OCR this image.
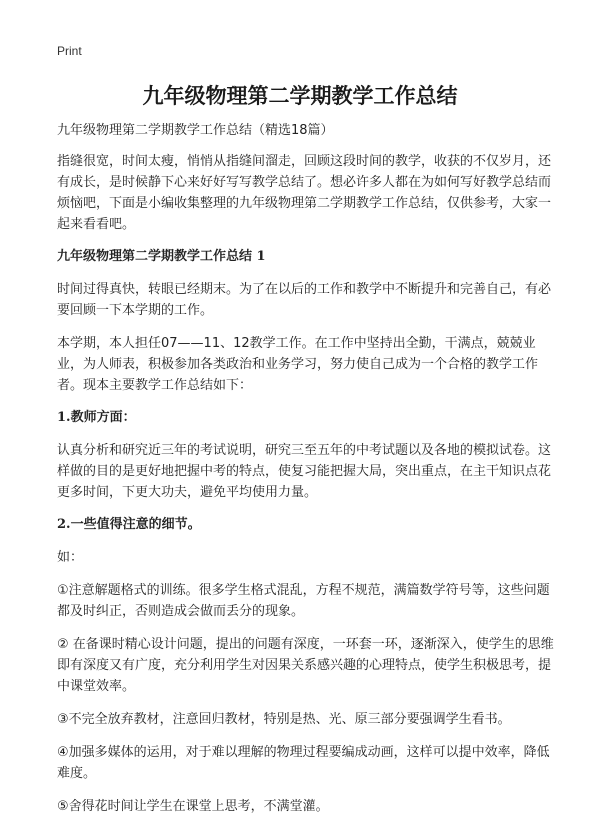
Print
九年级物理第二学期教学工作总结

九年级物理第二学期教学工作总结（精选18篇）

指缝很宽，时间太瘦，悄悄从指缝间溜走，回顾这段时间的教学，收获的不仅岁月，还有成长，是时候静下心来好好写写教学总结了。想必许多人都在为如何写好教学总结而烦恼吧，下面是小编收集整理的九年级物理第二学期教学工作总结，仅供参考，大家一起来看看吧。

九年级物理第二学期教学工作总结 1

时间过得真快，转眼已经期末。为了在以后的工作和教学中不断提升和完善自己，有必要回顾一下本学期的工作。

本学期，本人担任07——11、12教学工作。在工作中坚持出全勤，干满点，兢兢业业，为人师表，积极参加各类政治和业务学习，努力使自己成为一个合格的教学工作者。现本主要教学工作总结如下：

1.教师方面：

认真分析和研究近三年的考试说明，研究三至五年的中考试题以及各地的模拟试卷。这样做的目的是更好地把握中考的特点，使复习能把握大局，突出重点，在主干知识点花更多时间，下更大功夫，避免平均使用力量。

2.一些值得注意的细节。

如：

①注意解题格式的训练。很多学生格式混乱，方程不规范，满篇数学符号等，这些问题都及时纠正，否则造成会做而丢分的现象。

② 在备课时精心设计问题，提出的问题有深度，一环套一环，逐渐深入，使学生的思维即有深度又有广度，充分利用学生对因果关系感兴趣的心理特点，使学生积极思考，提中课堂效率。

③不完全放弃教材，注意回归教材，特别是热、光、原三部分要强调学生看书。

④加强多媒体的运用，对于难以理解的物理过程要编成动画，这样可以提中效率，降低难度。

⑤舍得花时间让学生在课堂上思考，不满堂灌。
